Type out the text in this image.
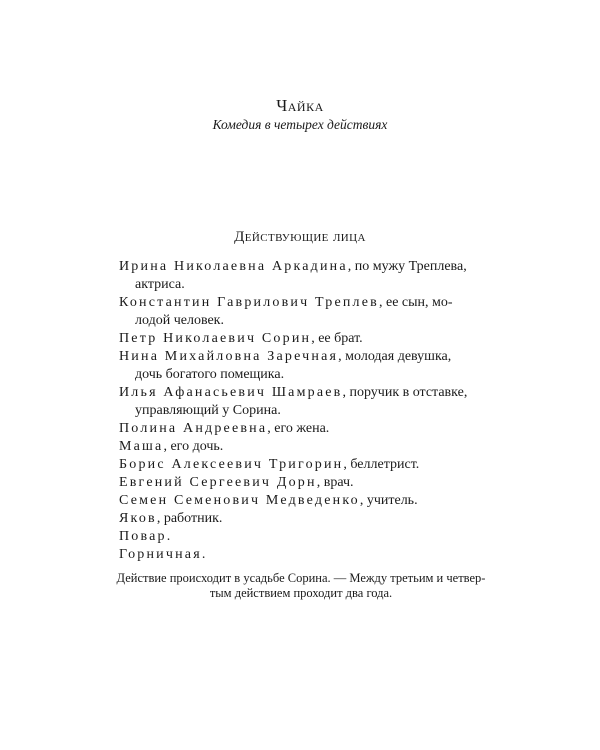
Чайка
Комедия в четырех действиях
Действующие лица

Ирина Николаевна Аркадина, по мужу Треплева,
актриса.

Константин Гаврилович Треплев, ее сын, мо-
лодой человек.

Петр Николаевич Сорин, ее брат.

Нина Михайловна Заречная, молодая девушка,
дочь богатого помещика.

Илья Афанасьевич Шамраев, поручик в отставке,
управляющий у Сорина.

Полина Андреевна, его жена.

Маша, его дочь.

Борис Алексеевич Тригорин, беллетрист.

Евгений Сергеевич Дорн, врач.

Семен Семенович Медведенко, учитель.

Яков, работник.

Повар.

Горничная.

Действие происходит в усадьбе Сорина. — Между третьим и четвер-
тым действием проходит два года.
